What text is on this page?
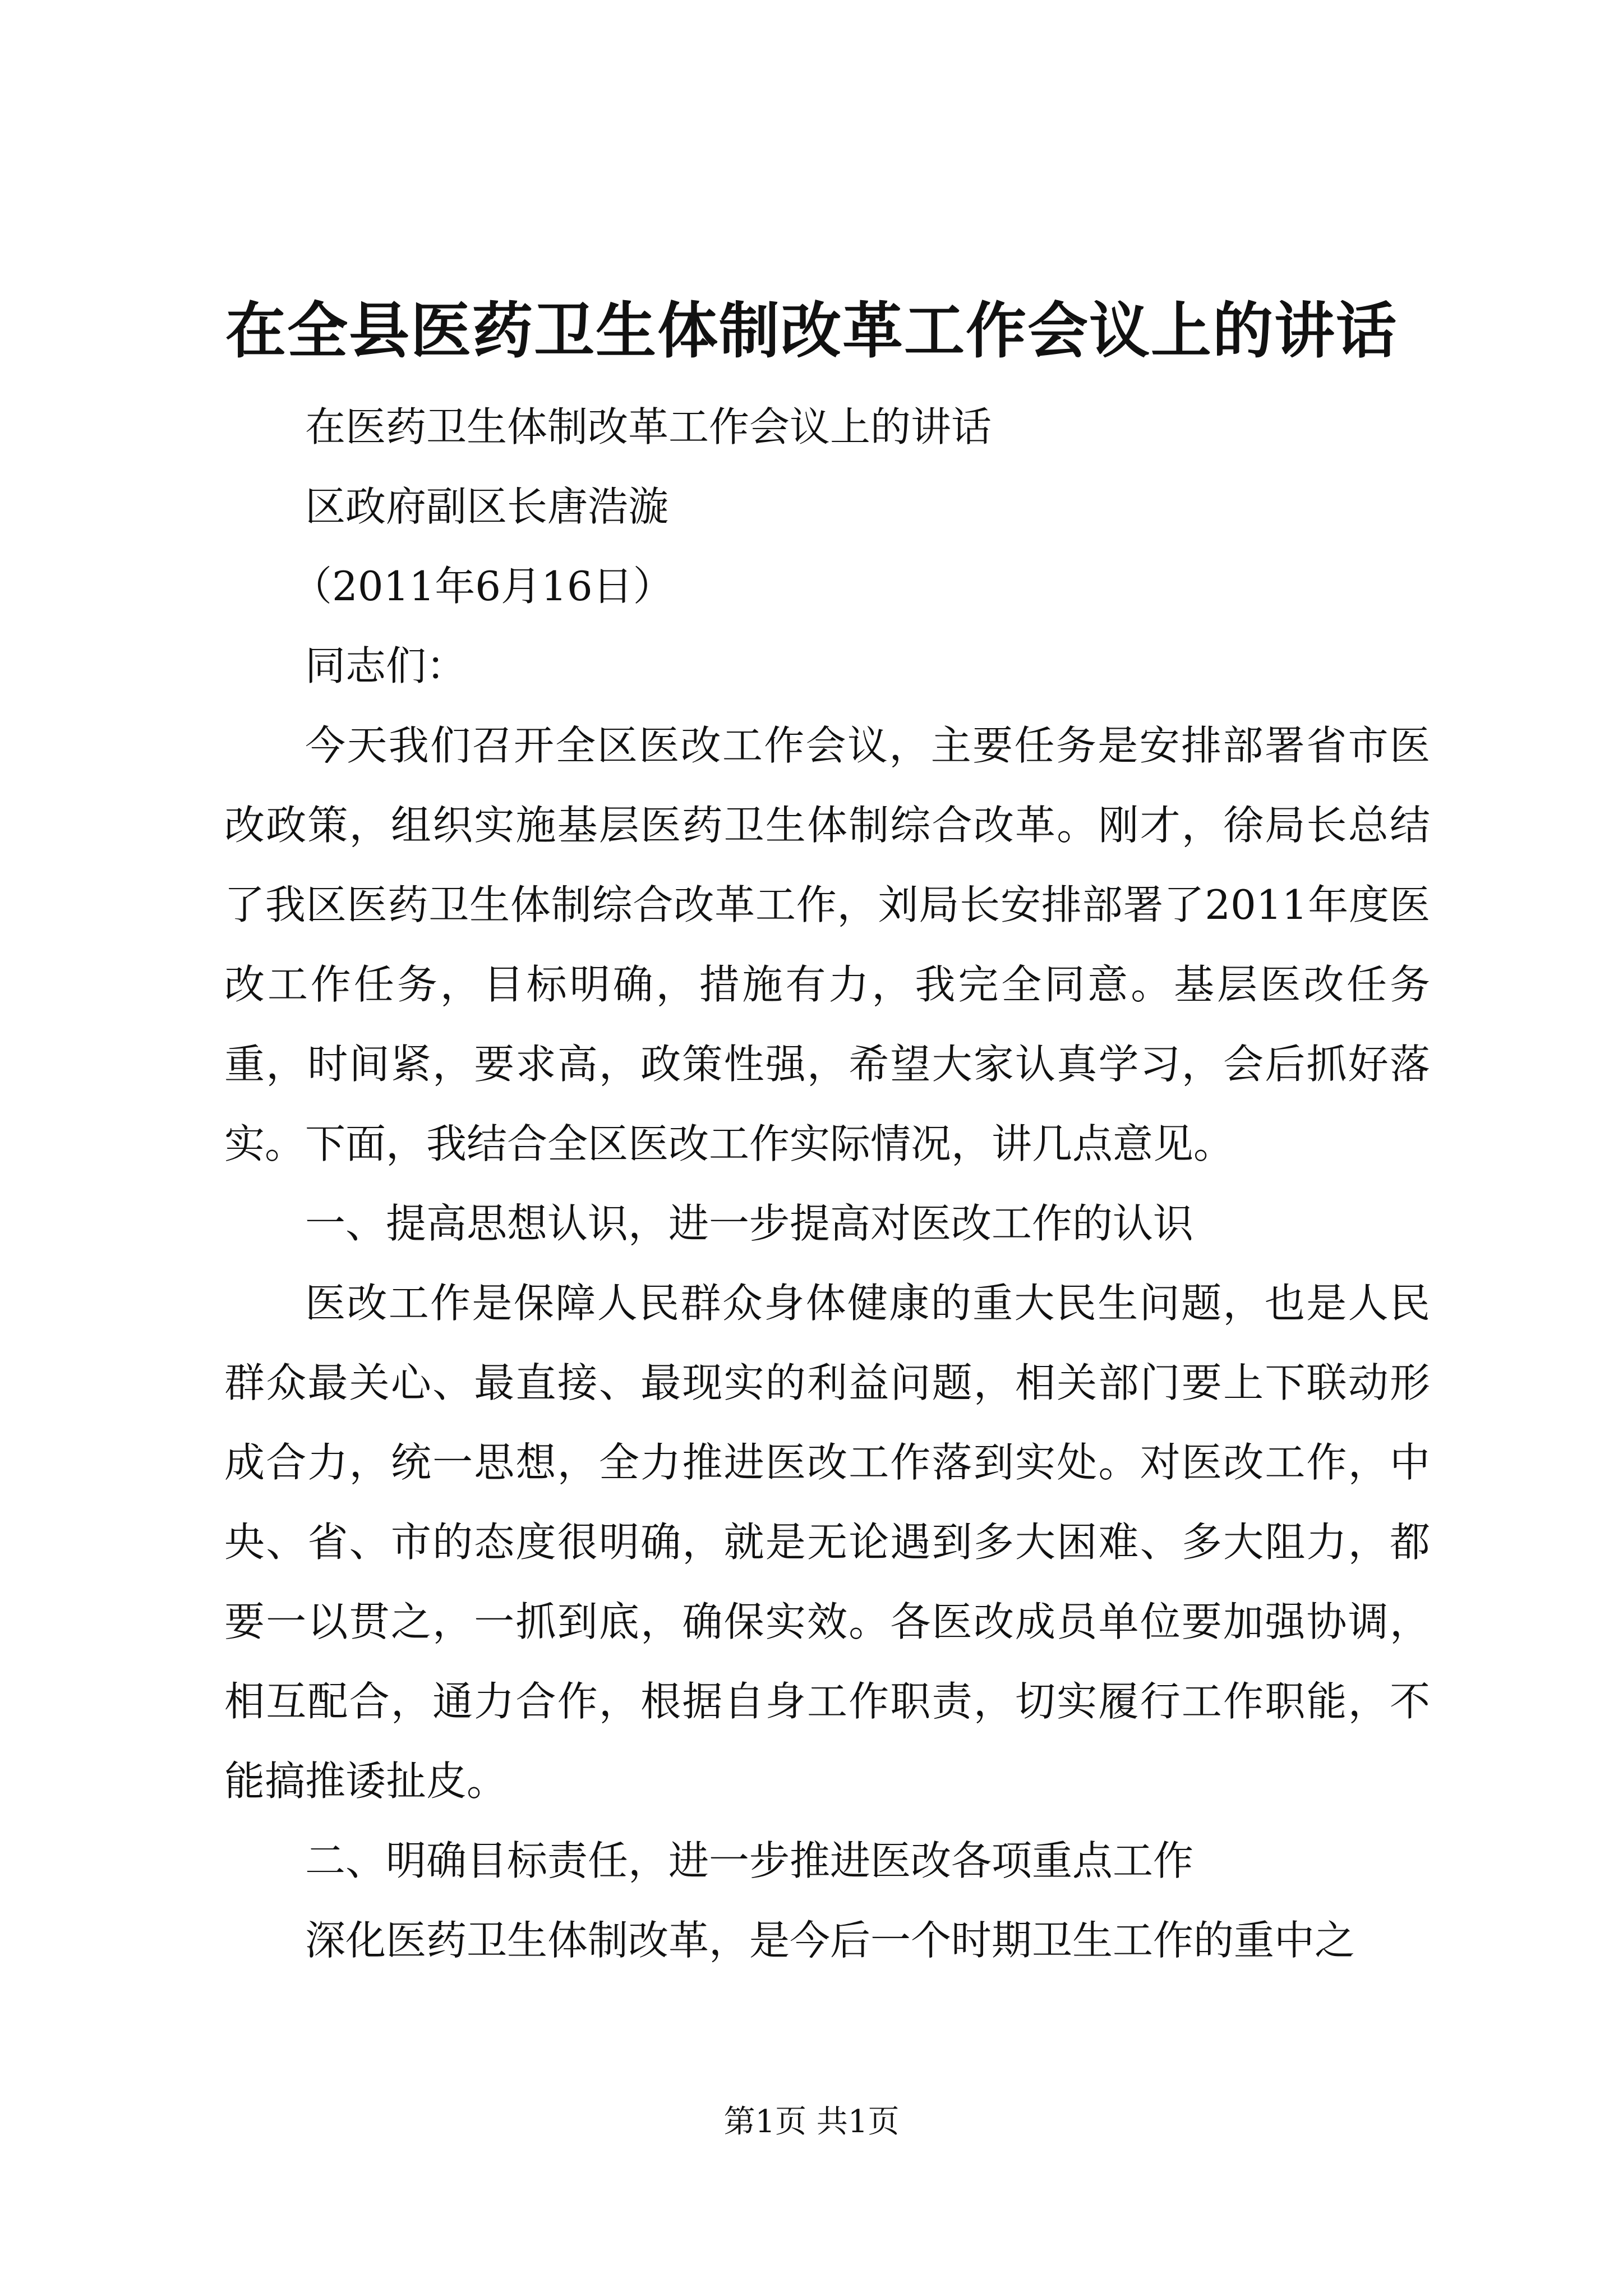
在全县医药卫生体制改革工作会议上的讲话

在医药卫生体制改革工作会议上的讲话

区政府副区长唐浩漩

（2011年6月16日）

同志们：

今天我们召开全区医改工作会议，主要任务是安排部署省市医改政策，组织实施基层医药卫生体制综合改革。刚才，徐局长总结了我区医药卫生体制综合改革工作，刘局长安排部署了2011年度医改工作任务，目标明确，措施有力，我完全同意。基层医改任务重，时间紧，要求高，政策性强，希望大家认真学习，会后抓好落实。下面，我结合全区医改工作实际情况，讲几点意见。

一、提高思想认识，进一步提高对医改工作的认识

医改工作是保障人民群众身体健康的重大民生问题，也是人民群众最关心、最直接、最现实的利益问题，相关部门要上下联动形成合力，统一思想，全力推进医改工作落到实处。对医改工作，中央、省、市的态度很明确，就是无论遇到多大困难、多大阻力，都要一以贯之，一抓到底，确保实效。各医改成员单位要加强协调，相互配合，通力合作，根据自身工作职责，切实履行工作职能，不能搞推诿扯皮。

二、明确目标责任，进一步推进医改各项重点工作

深化医药卫生体制改革，是今后一个时期卫生工作的重中之

第1页 共1页
